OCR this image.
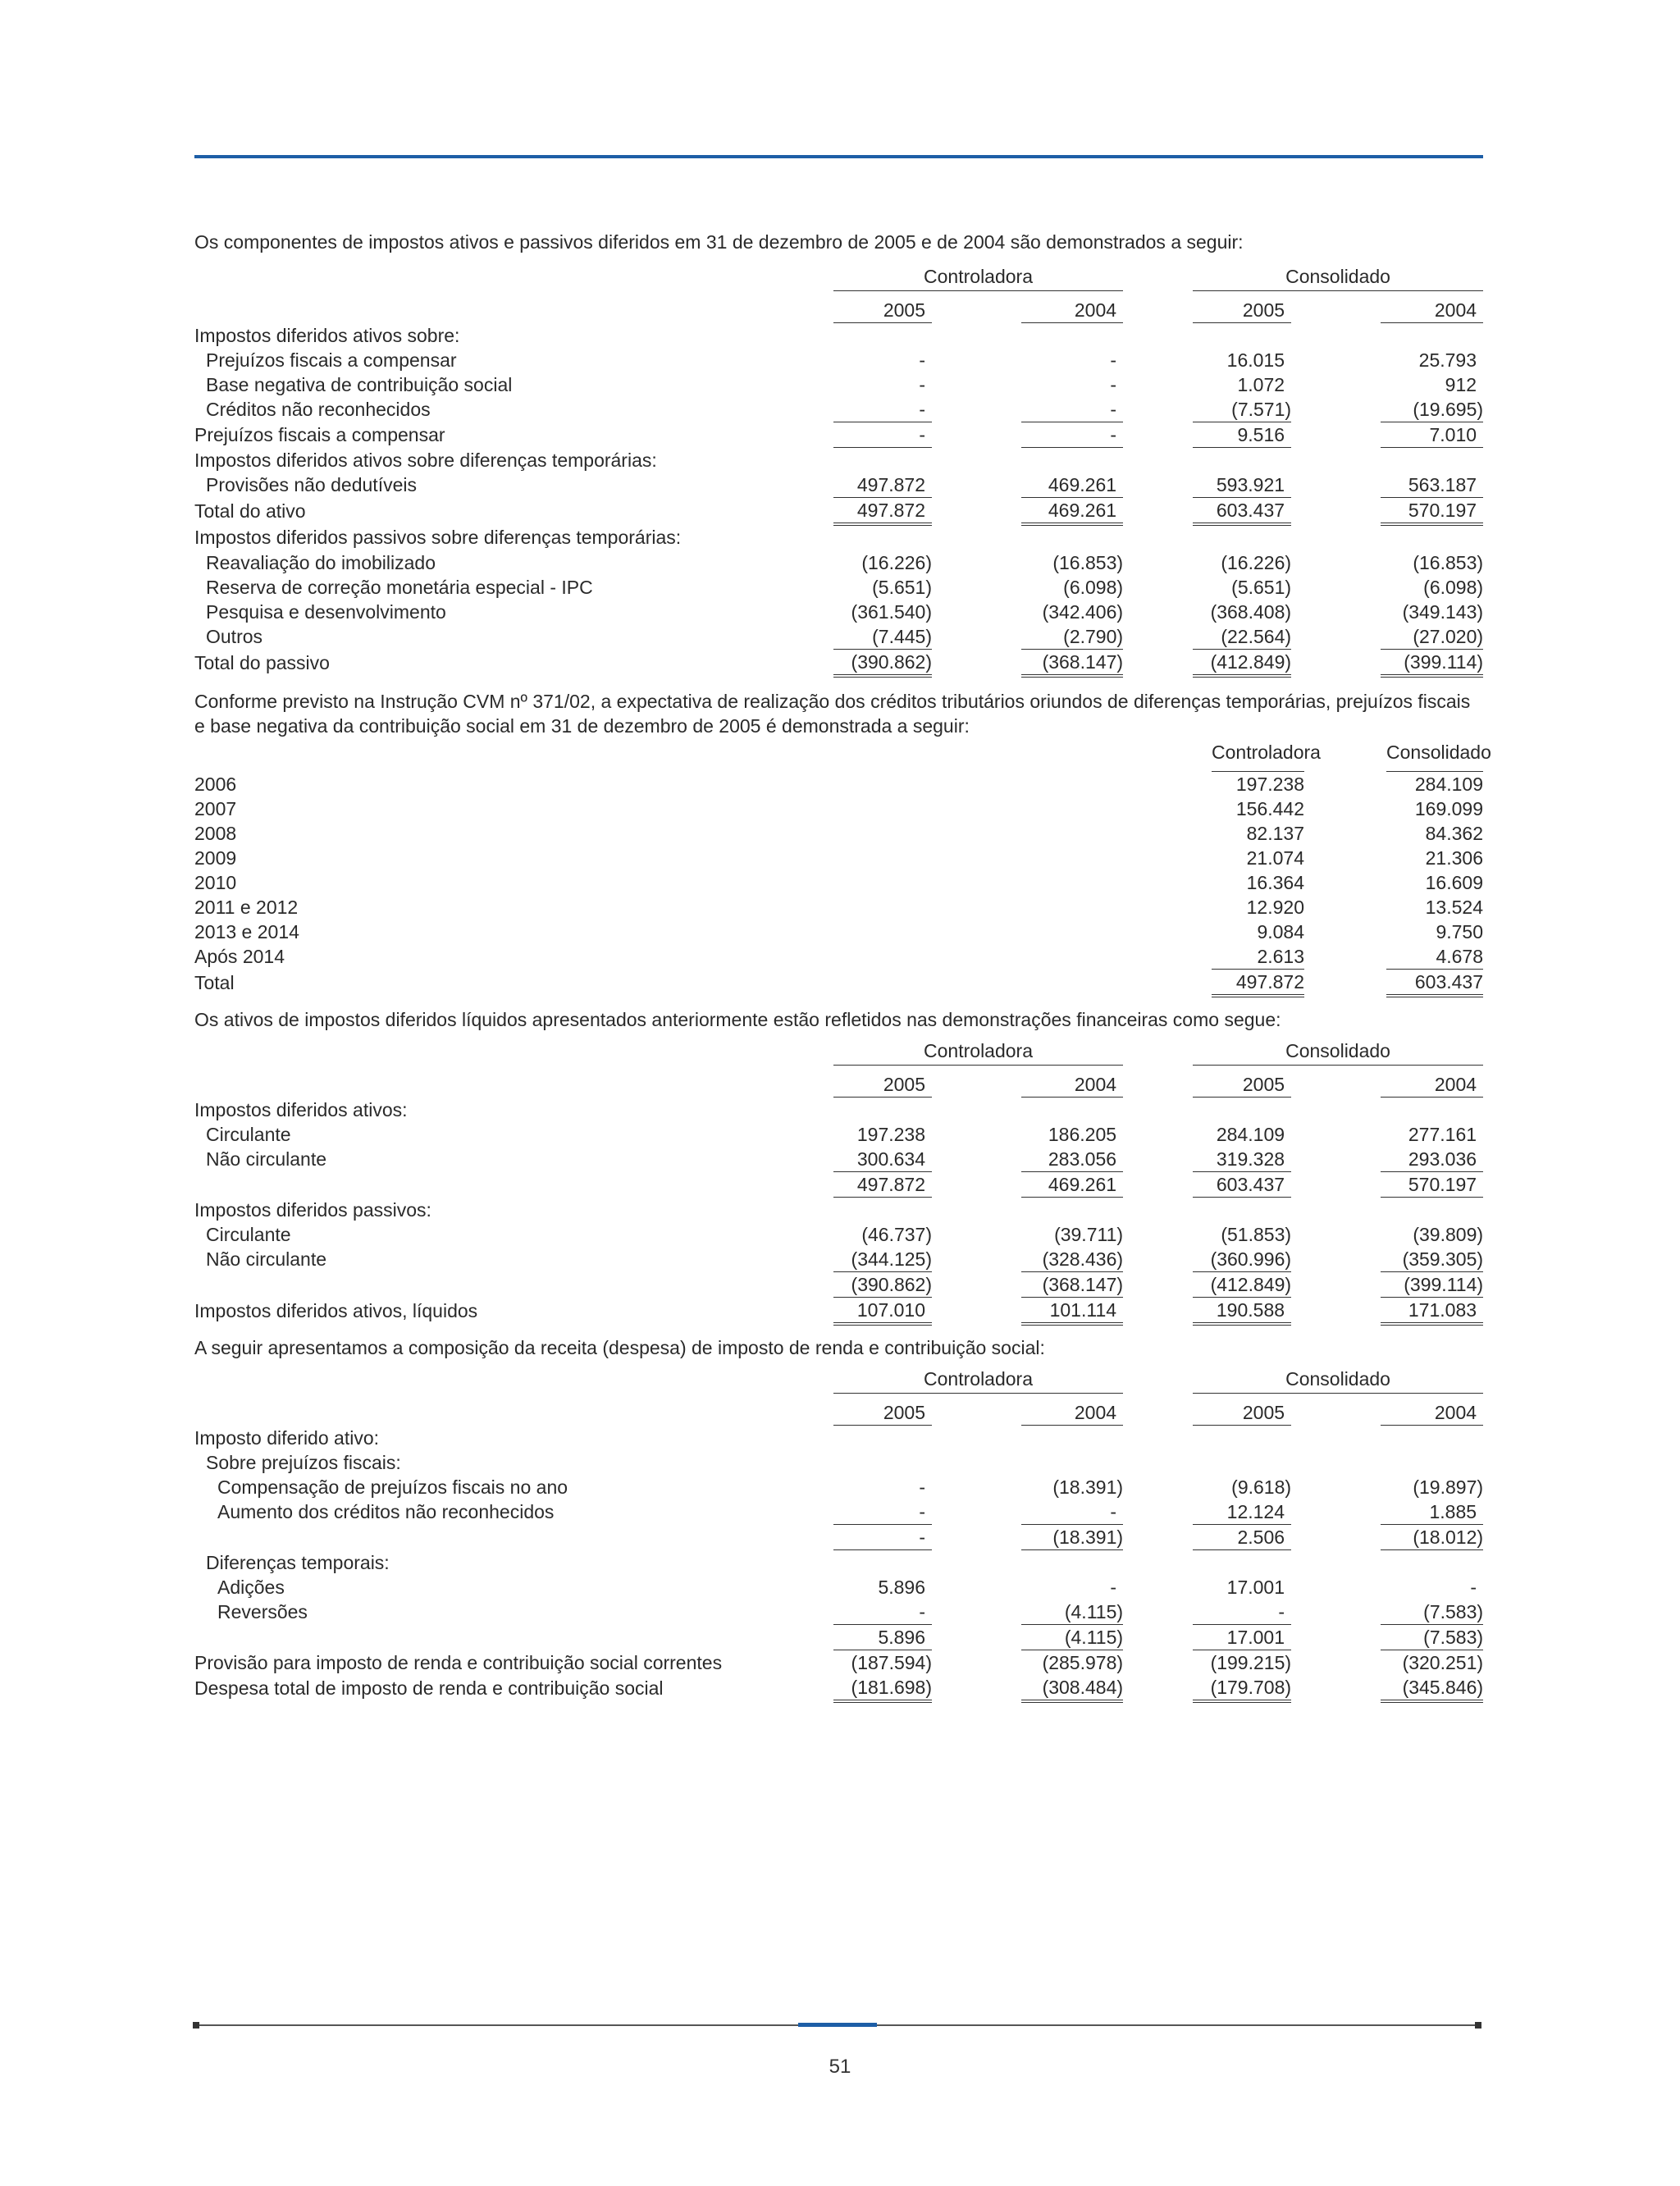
Os componentes de impostos ativos e passivos diferidos em 31 de dezembro de 2005 e de 2004 são demonstrados a seguir:

	Controladora				Consolidado		
	2005		2004		2005		2004
Impostos diferidos ativos sobre:							
Prejuízos fiscais a compensar	-		-		16.015		25.793
Base negativa de contribuição social	-		-		1.072		912
Créditos não reconhecidos	-		-		(7.571)		(19.695)
Prejuízos fiscais a compensar	-		-		9.516		7.010
Impostos diferidos ativos sobre diferenças temporárias:							
Provisões não dedutíveis	497.872		469.261		593.921		563.187
Total do ativo	497.872		469.261		603.437		570.197
Impostos diferidos passivos sobre diferenças temporárias:							
Reavaliação do imobilizado	(16.226)		(16.853)		(16.226)		(16.853)
Reserva de correção monetária especial - IPC	(5.651)		(6.098)		(5.651)		(6.098)
Pesquisa e desenvolvimento	(361.540)		(342.406)		(368.408)		(349.143)
Outros	(7.445)		(2.790)		(22.564)		(27.020)
Total do passivo	(390.862)		(368.147)		(412.849)		(399.114)

Conforme previsto na Instrução CVM nº 371/02, a expectativa de realização dos créditos tributários oriundos de diferenças temporárias, prejuízos fiscais e base negativa da contribuição social em 31 de dezembro de 2005 é demonstrada a seguir:

	Controladora		Consolidado
2006	197.238		284.109
2007	156.442		169.099
2008	82.137		84.362
2009	21.074		21.306
2010	16.364		16.609
2011 e 2012	12.920		13.524
2013 e 2014	9.084		9.750
Após 2014	2.613		4.678
Total	497.872		603.437

Os ativos de impostos diferidos líquidos apresentados anteriormente estão refletidos nas demonstrações financeiras como segue:

	Controladora				Consolidado		
	2005		2004		2005		2004
Impostos diferidos ativos:							
Circulante	197.238		186.205		284.109		277.161
Não circulante	300.634		283.056		319.328		293.036
	497.872		469.261		603.437		570.197
Impostos diferidos passivos:							
Circulante	(46.737)		(39.711)		(51.853)		(39.809)
Não circulante	(344.125)		(328.436)		(360.996)		(359.305)
	(390.862)		(368.147)		(412.849)		(399.114)
Impostos diferidos ativos, líquidos	107.010		101.114		190.588		171.083

A seguir apresentamos a composição da receita (despesa) de imposto de renda e contribuição social:

	Controladora				Consolidado		
	2005		2004		2005		2004
Imposto diferido ativo:							
Sobre prejuízos fiscais:							
Compensação de prejuízos fiscais no ano	-		(18.391)		(9.618)		(19.897)
Aumento dos créditos não reconhecidos	-		-		12.124		1.885
	-		(18.391)		2.506		(18.012)
Diferenças temporais:							
Adições	5.896		-		17.001		-
Reversões	-		(4.115)		-		(7.583)
	5.896		(4.115)		17.001		(7.583)
Provisão para imposto de renda e contribuição social correntes	(187.594)		(285.978)		(199.215)		(320.251)
Despesa total de imposto de renda e contribuição social	(181.698)		(308.484)		(179.708)		(345.846)
51
